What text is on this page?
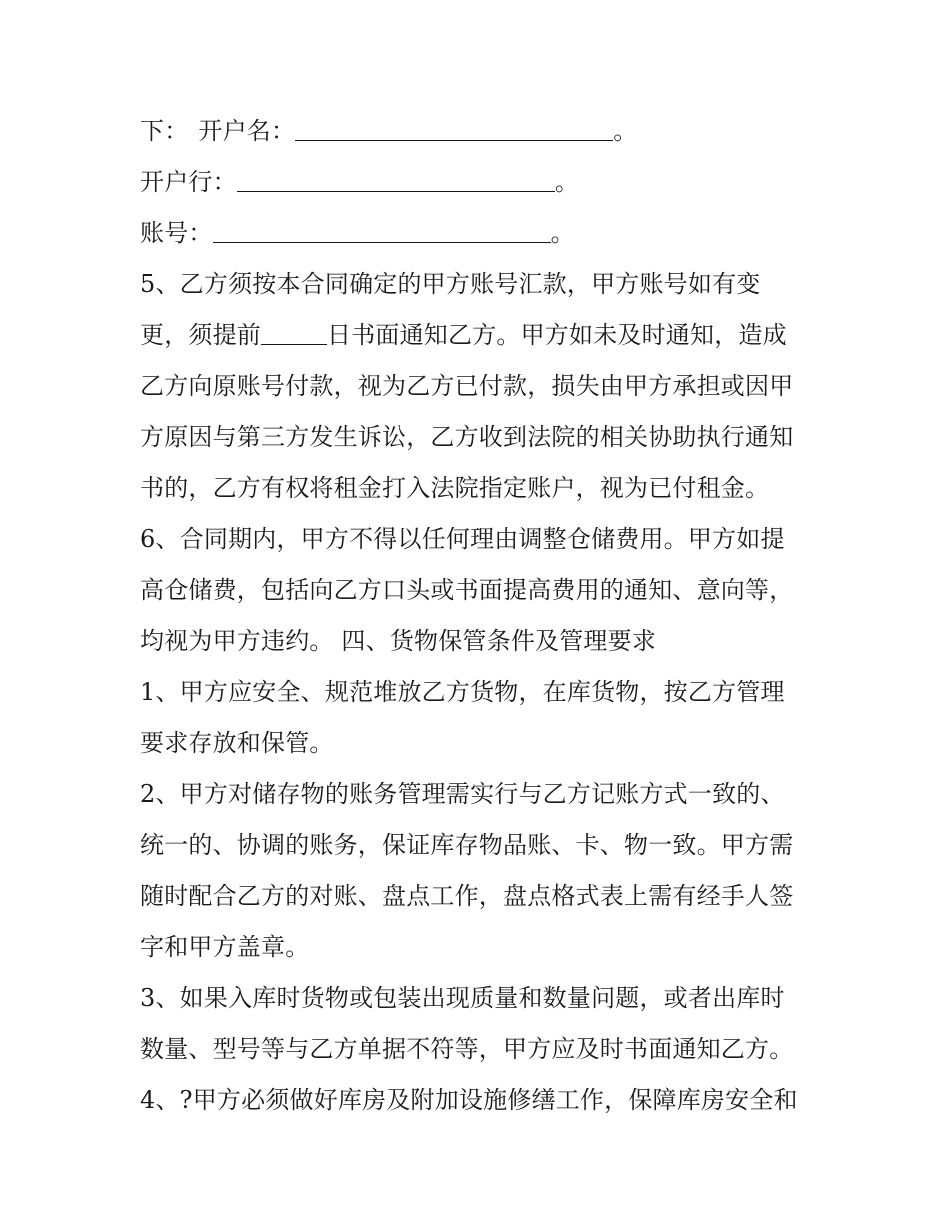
下： 开户名：	。
开户行：	。
账号：	。
5、乙方须按本合同确定的甲方账号汇款，甲方账号如有变
更，须提前	日书面通知乙方。甲方如未及时通知，造成
乙方向原账号付款，视为乙方已付款，损失由甲方承担或因甲
方原因与第三方发生诉讼，乙方收到法院的相关协助执行通知
书的，乙方有权将租金打入法院指定账户，视为已付租金。
6、合同期内，甲方不得以任何理由调整仓储费用。甲方如提
高仓储费，包括向乙方口头或书面提高费用的通知、意向等，
均视为甲方违约。 四、货物保管条件及管理要求
1、甲方应安全、规范堆放乙方货物，在库货物，按乙方管理
要求存放和保管。
2、甲方对储存物的账务管理需实行与乙方记账方式一致的、
统一的、协调的账务，保证库存物品账、卡、物一致。甲方需
随时配合乙方的对账、盘点工作，盘点格式表上需有经手人签
字和甲方盖章。
3、如果入库时货物或包装出现质量和数量问题，或者出库时
数量、型号等与乙方单据不符等，甲方应及时书面通知乙方。
4、?甲方必须做好库房及附加设施修缮工作，保障库房安全和
